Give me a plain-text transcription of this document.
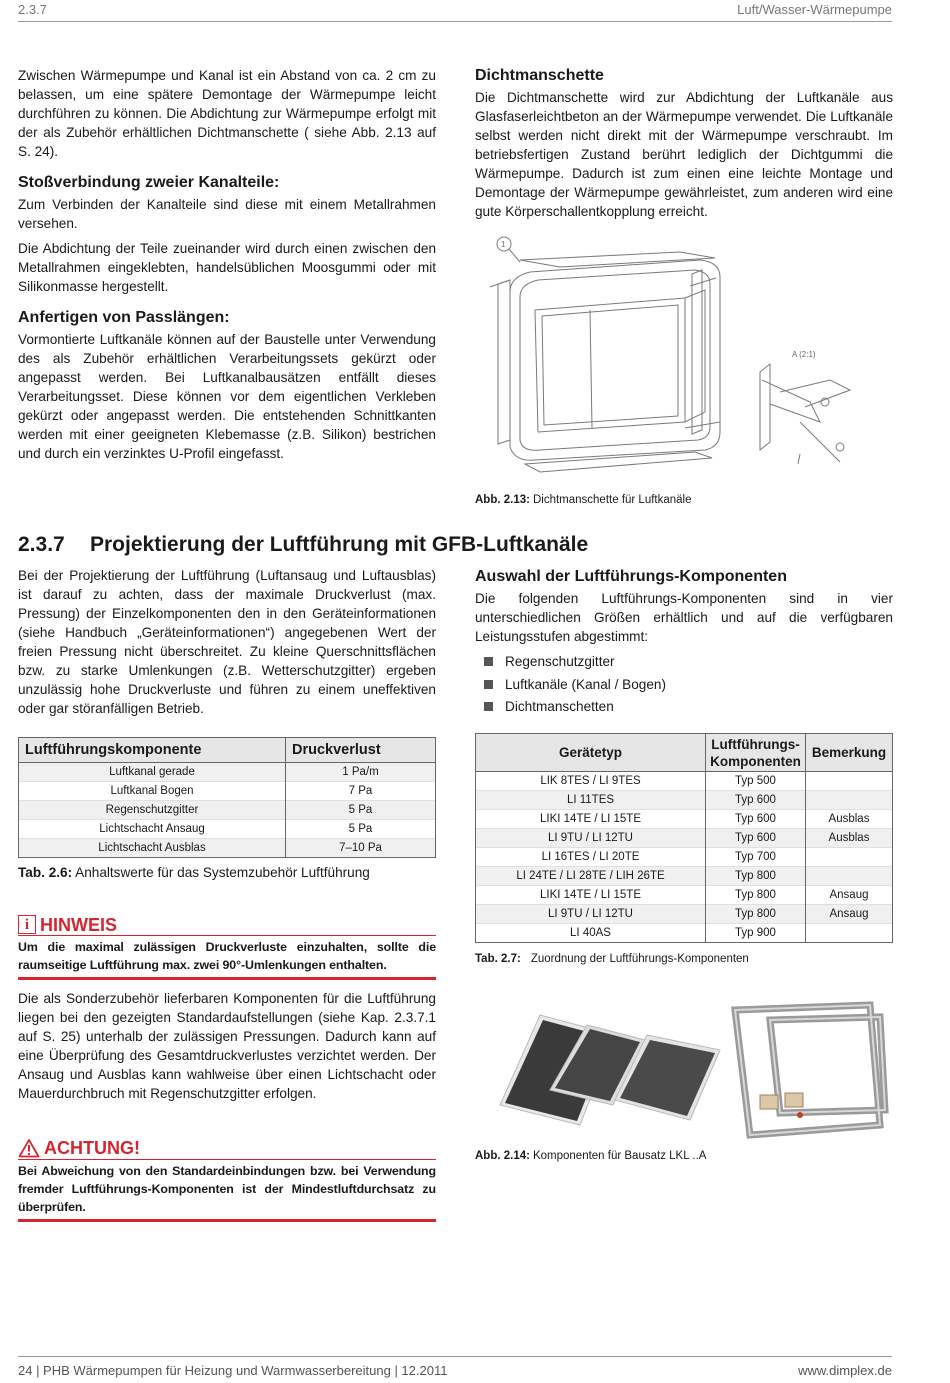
2.3.7	Luft/Wasser-Wärmepumpe

Zwischen Wärmepumpe und Kanal ist ein Abstand von ca. 2 cm zu belassen, um eine spätere Demontage der Wärmepumpe leicht durchführen zu können. Die Abdichtung zur Wärmepumpe erfolgt mit der als Zubehör erhältlichen Dichtmanschette ( siehe Abb. 2.13 auf S. 24).

Stoßverbindung zweier Kanalteile:

Zum Verbinden der Kanalteile sind diese mit einem Metallrahmen versehen.

Die Abdichtung der Teile zueinander wird durch einen zwischen den Metallrahmen eingeklebten, handelsüblichen Moosgummi oder mit Silikonmasse hergestellt.

Anfertigen von Passlängen:

Vormontierte Luftkanäle können auf der Baustelle unter Verwendung des als Zubehör erhältlichen Verarbeitungssets gekürzt oder angepasst werden. Bei Luftkanalbausätzen entfällt dieses Verarbeitungsset. Diese können vor dem eigentlichen Verkleben gekürzt oder angepasst werden. Die entstehenden Schnittkanten werden mit einer geeigneten Klebemasse (z.B. Silikon) bestrichen und durch ein verzinktes U-Profil eingefasst.

Dichtmanschette

Die Dichtmanschette wird zur Abdichtung der Luftkanäle aus Glasfaserleichtbeton an der Wärmepumpe verwendet. Die Luftkanäle selbst werden nicht direkt mit der Wärmepumpe verschraubt. Im betriebsfertigen Zustand berührt lediglich der Dichtgummi die Wärmepumpe. Dadurch ist zum einen eine leichte Montage und Demontage der Wärmepumpe gewährleistet, zum anderen wird eine gute Körperschallentkopplung erreicht.

A (2:1)
1
Abb. 2.13: Dichtmanschette für Luftkanäle
2.3.7 Projektierung der Luftführung mit GFB-Luftkanäle

Bei der Projektierung der Luftführung (Luftansaug und Luftausblas) ist darauf zu achten, dass der maximale Druckverlust (max. Pressung) der Einzelkomponenten den in den Geräteinformationen (siehe Handbuch „Geräteinformationen“) angegebenen Wert der freien Pressung nicht überschreitet. Zu kleine Querschnittsflächen bzw. zu starke Umlenkungen (z.B. Wetterschutzgitter) ergeben unzulässig hohe Druckverluste und führen zu einem uneffektiven oder gar störanfälligen Betrieb.

Luftführungskomponente	Druckverlust
Luftkanal gerade	1 Pa/m
Luftkanal Bogen	7 Pa
Regenschutzgitter	5 Pa
Lichtschacht Ansaug	5 Pa
Lichtschacht Ausblas	7–10 Pa
Tab. 2.6: Anhaltswerte für das Systemzubehör Luftführung
i HINWEIS
Um die maximal zulässigen Druckverluste einzuhalten, sollte die raumseitige Luftführung max. zwei 90°-Umlenkungen enthalten.

Die als Sonderzubehör lieferbaren Komponenten für die Luftführung liegen bei den gezeigten Standardaufstellungen (siehe Kap. 2.3.7.1 auf S. 25) unterhalb der zulässigen Pressungen. Dadurch kann auf eine Überprüfung des Gesamtdruckverlustes verzichtet werden. Der Ansaug und Ausblas kann wahlweise über einen Lichtschacht oder Mauerdurchbruch mit Regenschutzgitter erfolgen.

ACHTUNG!
Bei Abweichung von den Standardeinbindungen bzw. bei Verwendung fremder Luftführungs-Komponenten ist der Mindestluftdurchsatz zu überprüfen.
Auswahl der Luftführungs-Komponenten

Die folgenden Luftführungs-Komponenten sind in vier unterschiedlichen Größen erhältlich und auf die verfügbaren Leistungsstufen abgestimmt:

Regenschutzgitter
Luftkanäle (Kanal / Bogen)
Dichtmanschetten
Gerätetyp	Luftführungs-Komponenten	Bemerkung
LIK 8TES / LI 9TES	Typ 500	
LI 11TES	Typ 600	
LIKI 14TE / LI 15TE	Typ 600	Ausblas
LI 9TU / LI 12TU	Typ 600	Ausblas
LI 16TES / LI 20TE	Typ 700	
LI 24TE / LI 28TE / LIH 26TE	Typ 800	
LIKI 14TE / LI 15TE	Typ 800	Ansaug
LI 9TU / LI 12TU	Typ 800	Ansaug
LI 40AS	Typ 900	
Tab. 2.7: Zuordnung der Luftführungs-Komponenten
Abb. 2.14: Komponenten für Bausatz LKL ..A
24 | PHB Wärmepumpen für Heizung und Warmwasserbereitung | 12.2011	www.dimplex.de
